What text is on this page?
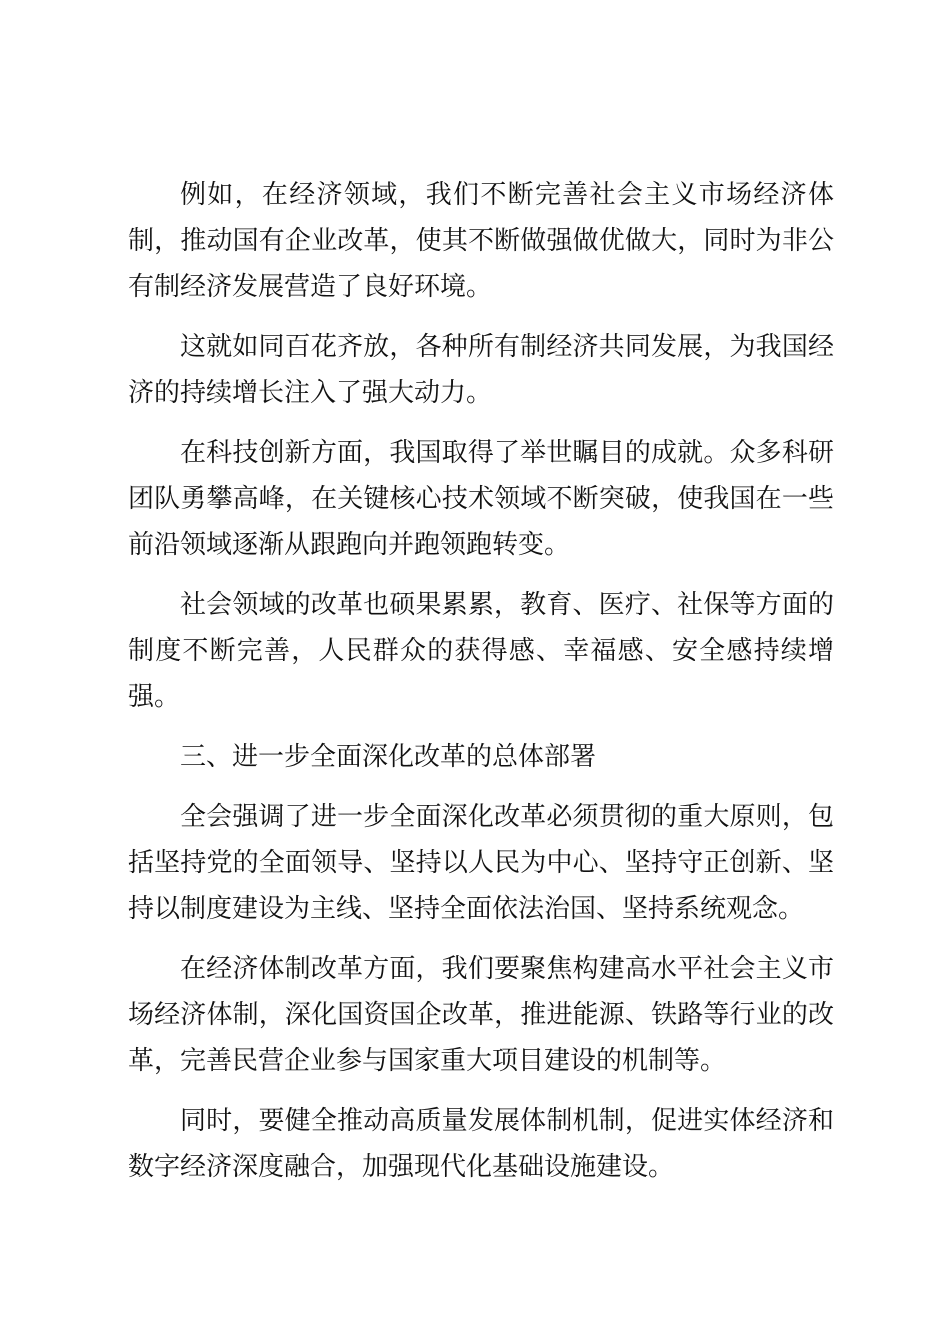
例如，在经济领域，我们不断完善社会主义市场经济体制，推动国有企业改革，使其不断做强做优做大，同时为非公有制经济发展营造了良好环境。

这就如同百花齐放，各种所有制经济共同发展，为我国经济的持续增长注入了强大动力。

在科技创新方面，我国取得了举世瞩目的成就。众多科研团队勇攀高峰，在关键核心技术领域不断突破，使我国在一些前沿领域逐渐从跟跑向并跑领跑转变。

社会领域的改革也硕果累累，教育、医疗、社保等方面的制度不断完善，人民群众的获得感、幸福感、安全感持续增强。

三、进一步全面深化改革的总体部署

全会强调了进一步全面深化改革必须贯彻的重大原则，包括坚持党的全面领导、坚持以人民为中心、坚持守正创新、坚持以制度建设为主线、坚持全面依法治国、坚持系统观念。

在经济体制改革方面，我们要聚焦构建高水平社会主义市场经济体制，深化国资国企改革，推进能源、铁路等行业的改革，完善民营企业参与国家重大项目建设的机制等。

同时，要健全推动高质量发展体制机制，促进实体经济和数字经济深度融合，加强现代化基础设施建设。
